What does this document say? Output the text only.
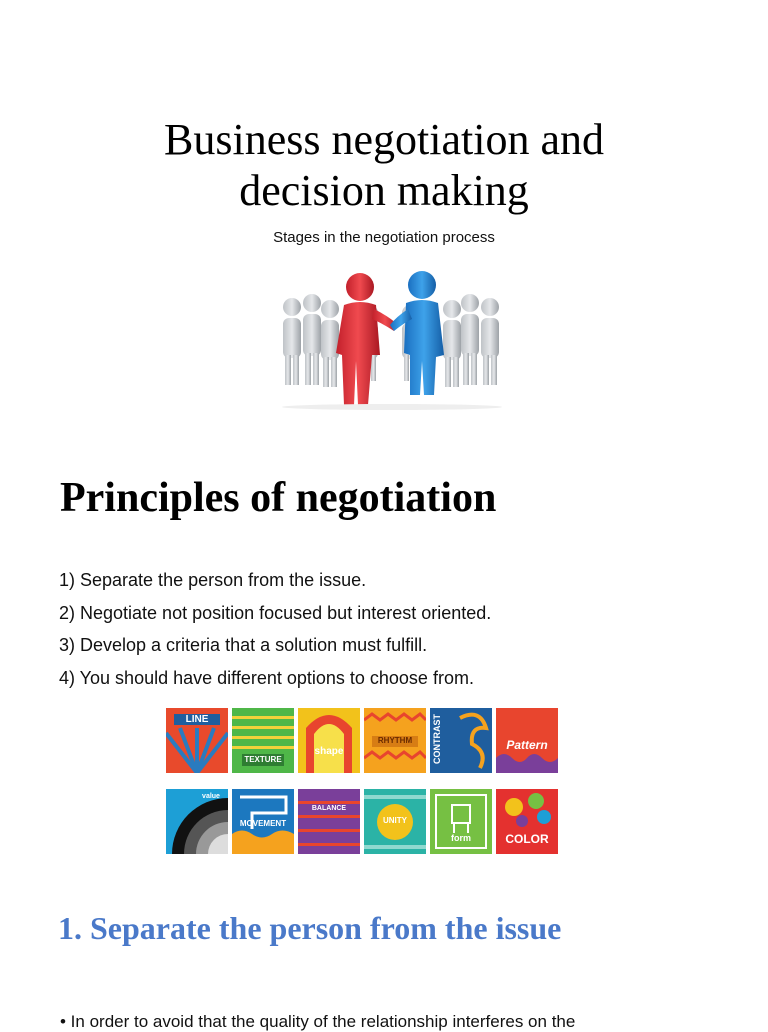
Business negotiation and
decision making
Stages in the negotiation process
Principles of negotiation
1) Separate the person from the issue.
2) Negotiate not position focused but interest oriented.
3) Develop a criteria that a solution must fulfill.
4) You should have different options to choose from.
LINE
TEXTURE
shape
RHYTHM	CONTRAST	Pattern
value
MOVEMENT
BALANCE
UNITY
form	COLOR
1. Separate the person from the issue
• In order to avoid that the quality of the relationship interferes on the
